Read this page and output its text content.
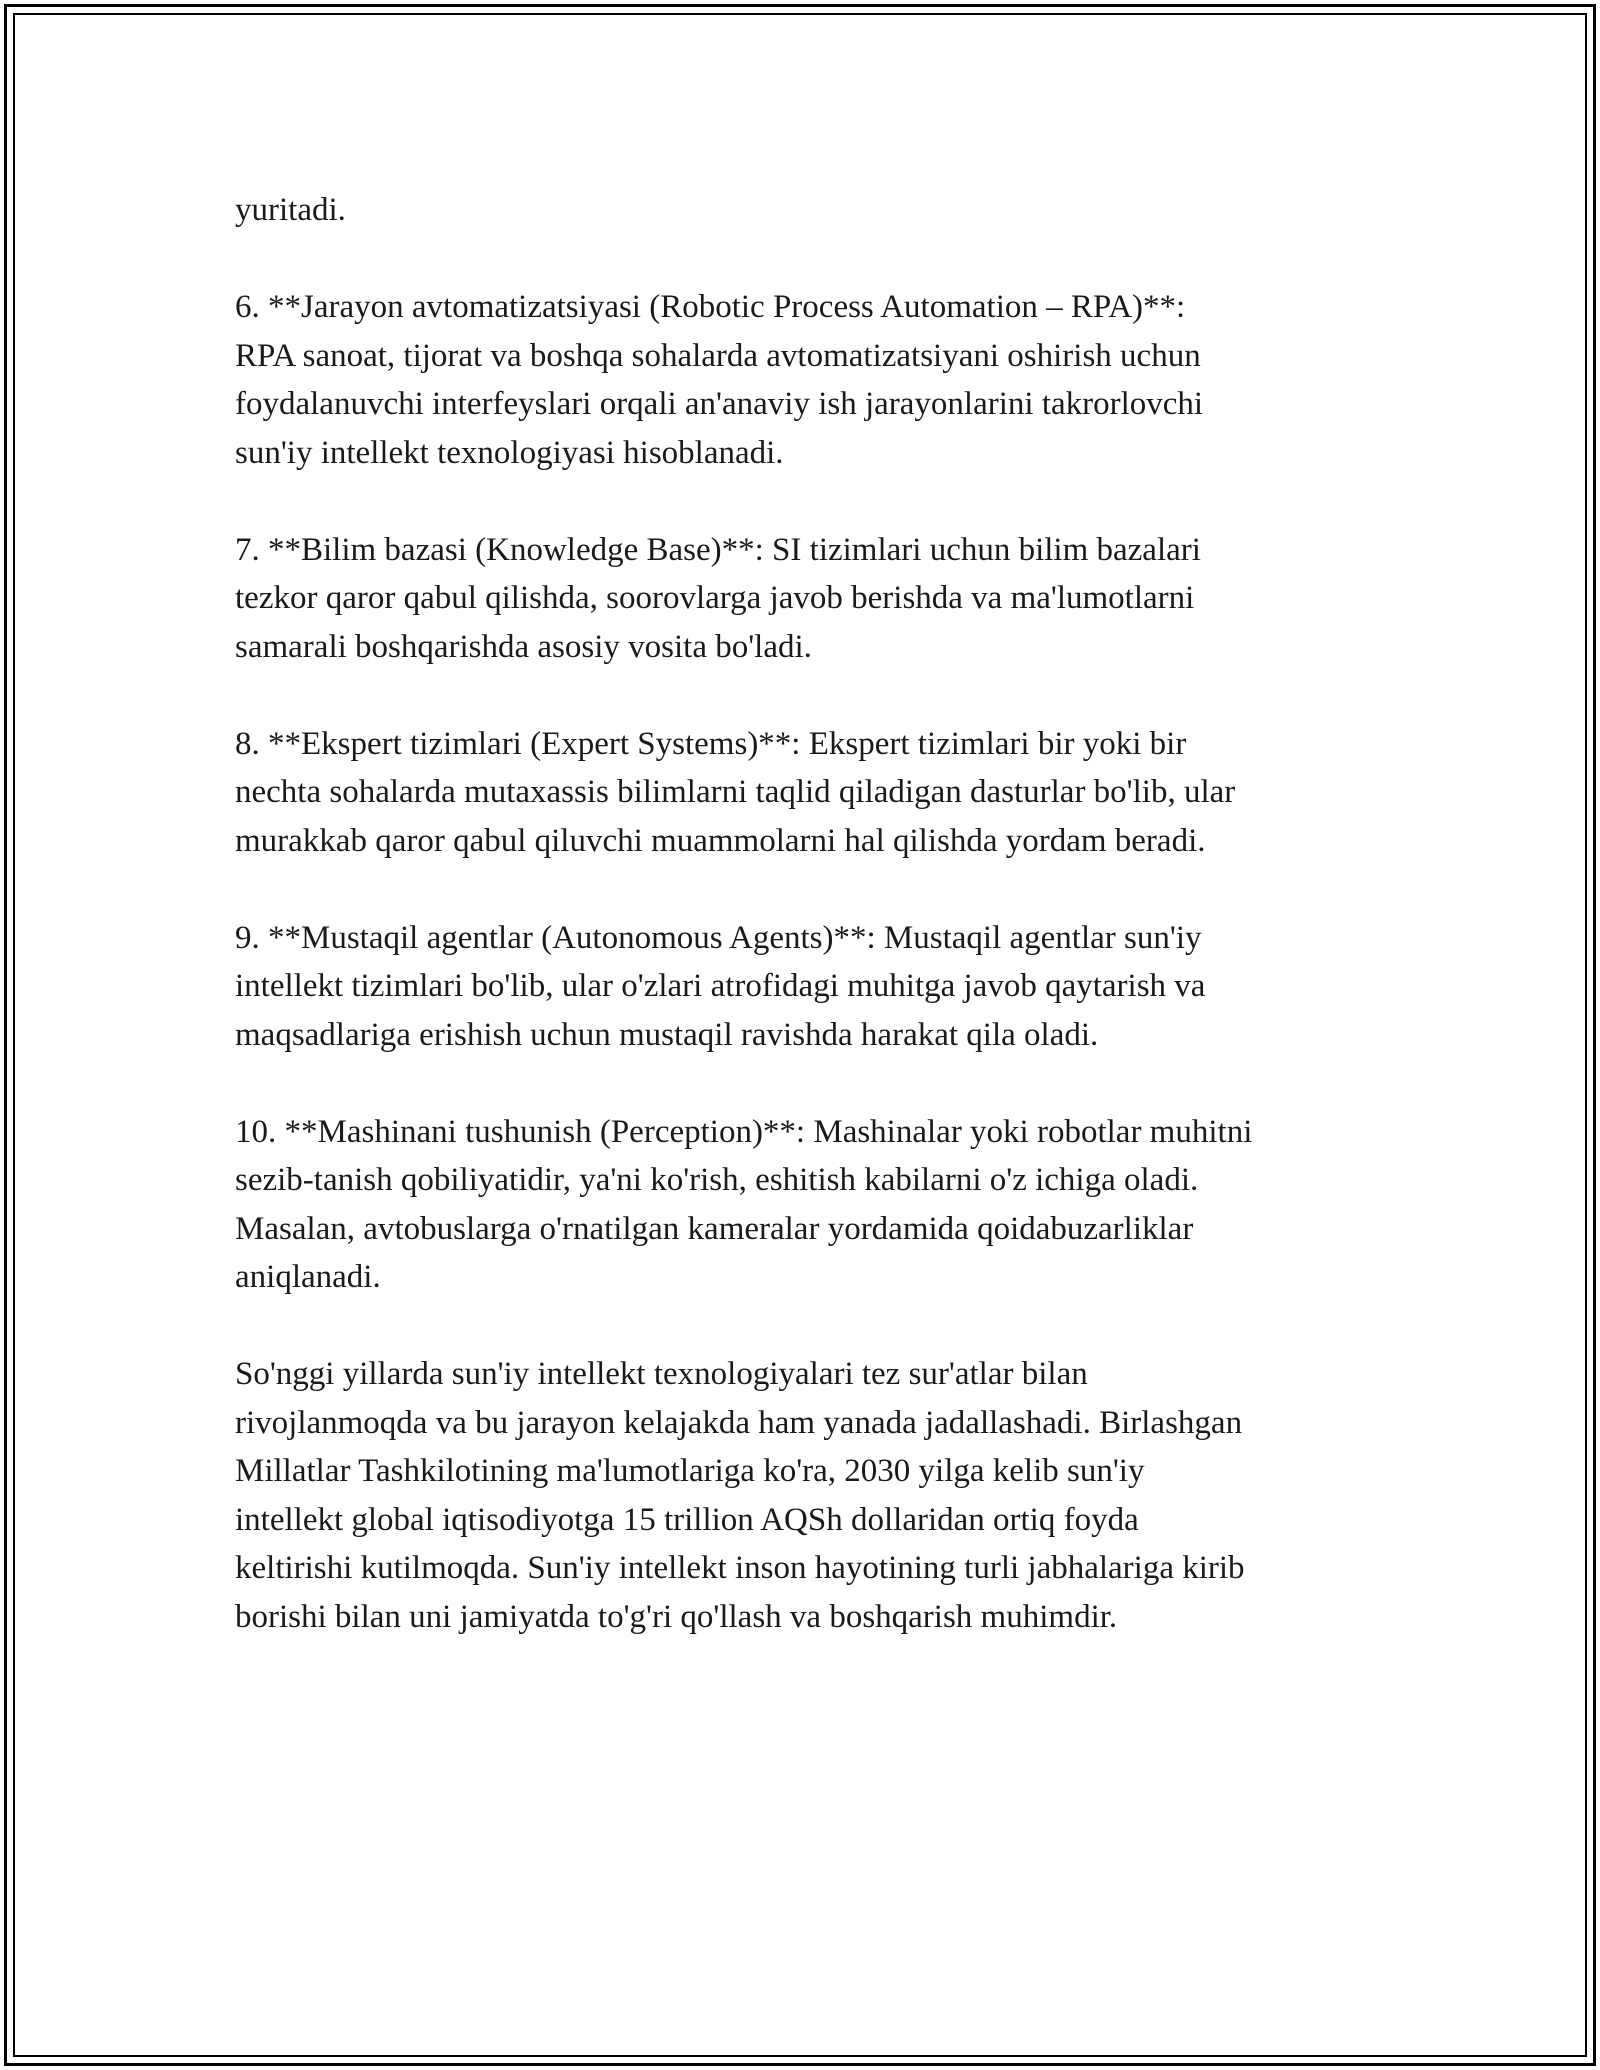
yuritadi.

6. **Jarayon avtomatizatsiyasi (Robotic Process Automation – RPA)**:
RPA sanoat, tijorat va boshqa sohalarda avtomatizatsiyani oshirish uchun
foydalanuvchi interfeyslari orqali an'anaviy ish jarayonlarini takrorlovchi
sun'iy intellekt texnologiyasi hisoblanadi.

7. **Bilim bazasi (Knowledge Base)**: SI tizimlari uchun bilim bazalari
tezkor qaror qabul qilishda, soorovlarga javob berishda va ma'lumotlarni
samarali boshqarishda asosiy vosita bo'ladi.

8. **Ekspert tizimlari (Expert Systems)**: Ekspert tizimlari bir yoki bir
nechta sohalarda mutaxassis bilimlarni taqlid qiladigan dasturlar bo'lib, ular
murakkab qaror qabul qiluvchi muammolarni hal qilishda yordam beradi.

9. **Mustaqil agentlar (Autonomous Agents)**: Mustaqil agentlar sun'iy
intellekt tizimlari bo'lib, ular o'zlari atrofidagi muhitga javob qaytarish va
maqsadlariga erishish uchun mustaqil ravishda harakat qila oladi.

10. **Mashinani tushunish (Perception)**: Mashinalar yoki robotlar muhitni
sezib-tanish qobiliyatidir, ya'ni ko'rish, eshitish kabilarni o'z ichiga oladi.
Masalan, avtobuslarga o'rnatilgan kameralar yordamida qoidabuzarliklar
aniqlanadi.

So'nggi yillarda sun'iy intellekt texnologiyalari tez sur'atlar bilan
rivojlanmoqda va bu jarayon kelajakda ham yanada jadallashadi. Birlashgan
Millatlar Tashkilotining ma'lumotlariga ko'ra, 2030 yilga kelib sun'iy
intellekt global iqtisodiyotga 15 trillion AQSh dollaridan ortiq foyda
keltirishi kutilmoqda. Sun'iy intellekt inson hayotining turli jabhalariga kirib
borishi bilan uni jamiyatda to'g'ri qo'llash va boshqarish muhimdir.
